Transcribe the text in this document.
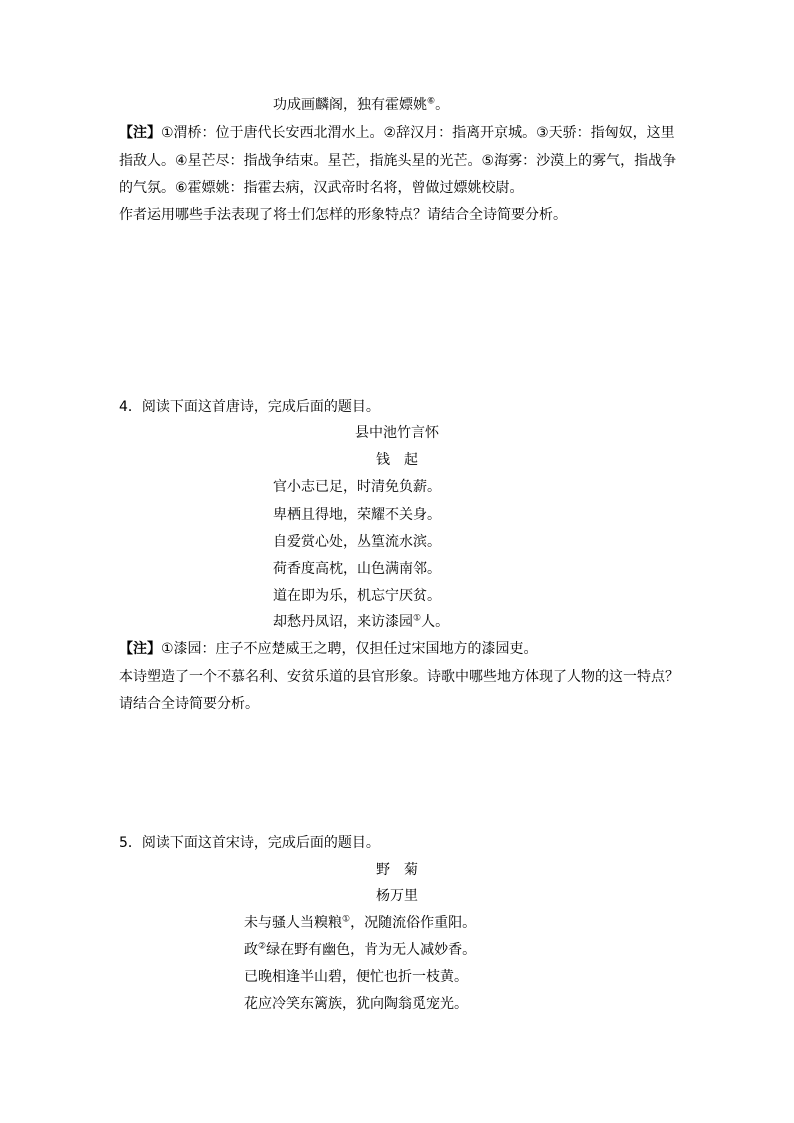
功成画麟阁，独有霍嫖姚⑥。
【注】①渭桥：位于唐代长安西北渭水上。②辞汉月：指离开京城。③天骄：指匈奴，这里
指敌人。④星芒尽：指战争结束。星芒，指旄头星的光芒。⑤海雾：沙漠上的雾气，指战争
的气氛。⑥霍嫖姚：指霍去病，汉武帝时名将，曾做过嫖姚校尉。
作者运用哪些手法表现了将士们怎样的形象特点？请结合全诗简要分析。
4．阅读下面这首唐诗，完成后面的题目。
县中池竹言怀
钱　起
官小志已足，时清免负薪。
卑栖且得地，荣耀不关身。
自爱赏心处，丛篁流水滨。
荷香度高枕，山色满南邻。
道在即为乐，机忘宁厌贫。
却愁丹凤诏，来访漆园①人。
【注】①漆园：庄子不应楚威王之聘，仅担任过宋国地方的漆园吏。
本诗塑造了一个不慕名利、安贫乐道的县官形象。诗歌中哪些地方体现了人物的这一特点？
请结合全诗简要分析。
5．阅读下面这首宋诗，完成后面的题目。
野　菊
杨万里
未与骚人当糗粮①，况随流俗作重阳。
政②绿在野有幽色，肯为无人减妙香。
已晚相逢半山碧，便忙也折一枝黄。
花应冷笑东篱族，犹向陶翁觅宠光。
